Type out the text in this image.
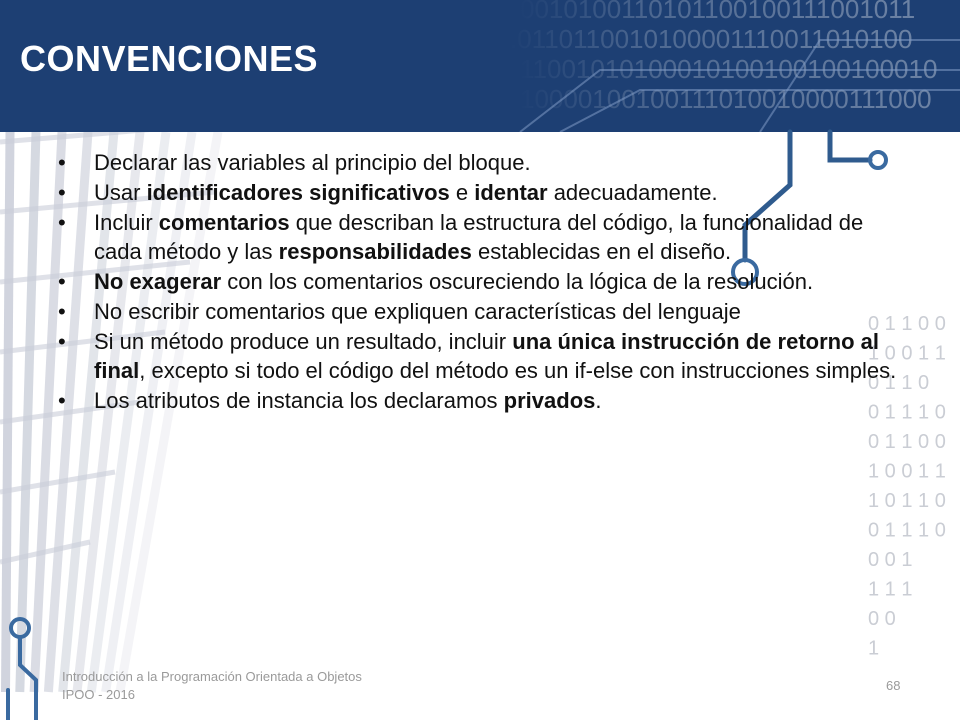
0010100110101100100111001011
.0110110010100001110011010100
11001010100010100100100100010
10000100100111010010000111000
CONVENCIONES
0 1 1 0 0
1 0 0 1 1
0 1 1 0
0 1 1 1 0
0 1 1 0 0
1 0 0 1 1
1 0 1 1 0
0 1 1 1 0
0 0 1
1 1 1
0 0
1
• Declarar las variables al principio del bloque.
• Usar identificadores significativos e identar adecuadamente.
• Incluir comentarios que describan la estructura del código, la funcionalidad de cada método y las responsabilidades establecidas en el diseño.
• No exagerar con los comentarios oscureciendo la lógica de la resolución.
• No escribir comentarios que expliquen características del lenguaje
• Si un método produce un resultado, incluir una única instrucción de retorno al final, excepto si todo el código del método es un if-else con instrucciones simples.
• Los atributos de instancia los declaramos privados.
Introducción a la Programación Orientada a Objetos
IPOO - 2016
68
